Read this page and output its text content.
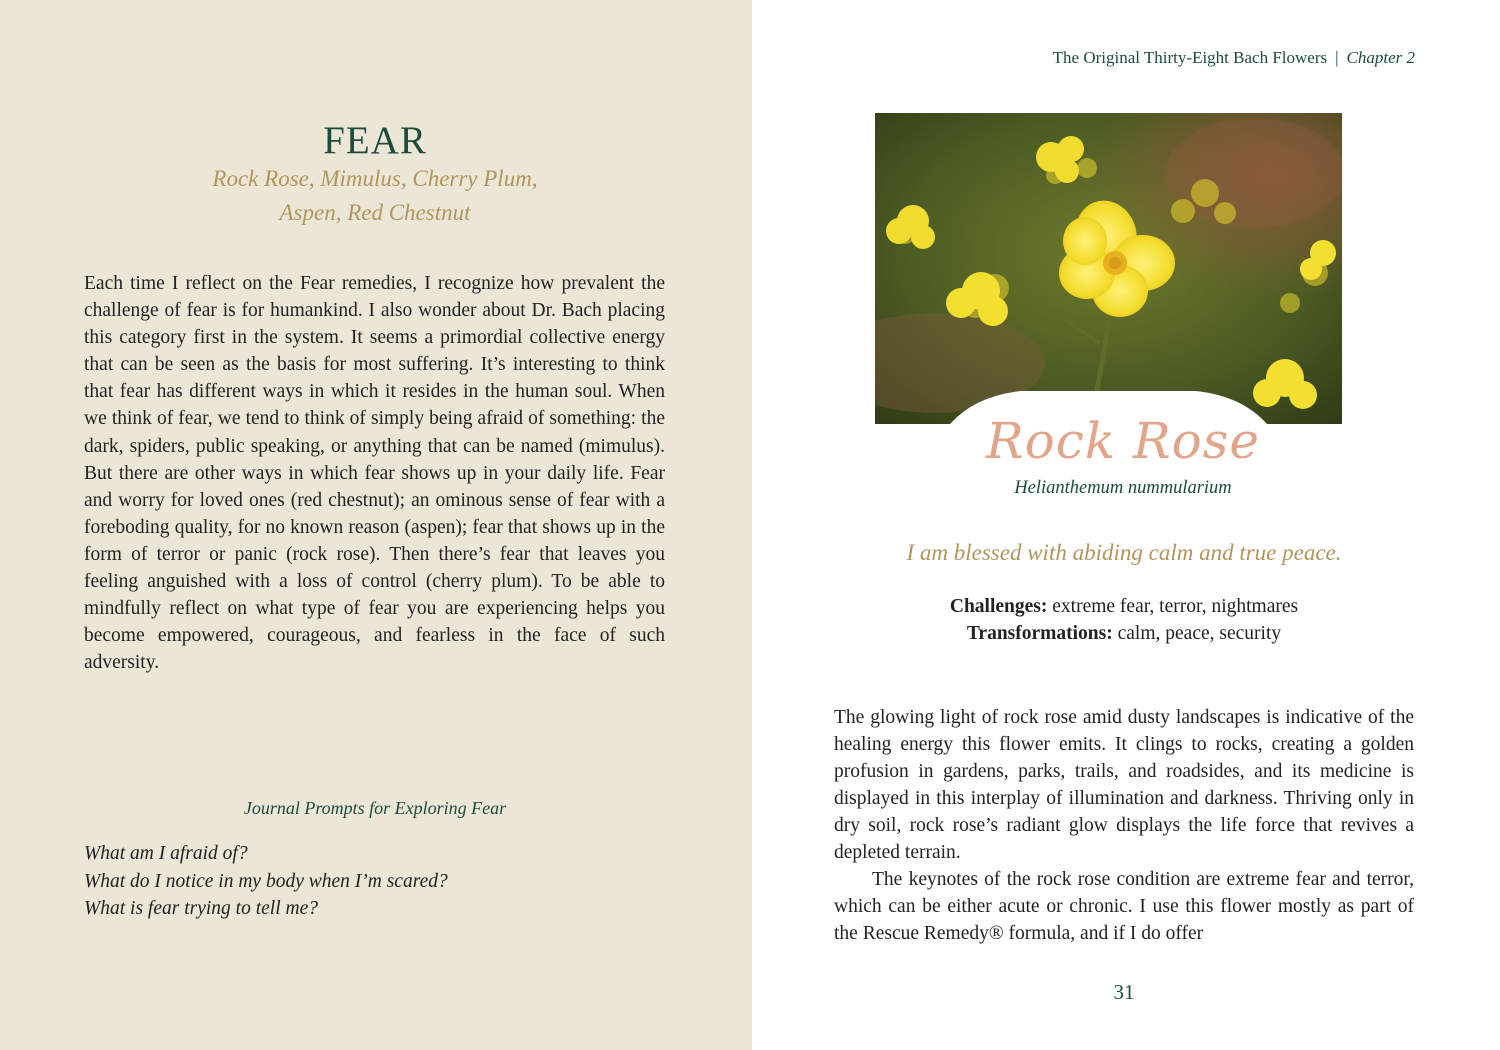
FEAR
Rock Rose, Mimulus, Cherry Plum,
Aspen, Red Chestnut

Each time I reflect on the Fear remedies, I recognize how prevalent the challenge of fear is for humankind. I also wonder about Dr. Bach placing this category first in the system. It seems a primordial collective energy that can be seen as the basis for most suffering. It’s interesting to think that fear has different ways in which it resides in the human soul. When we think of fear, we tend to think of simply being afraid of something: the dark, spiders, public speaking, or anything that can be named (mimulus). But there are other ways in which fear shows up in your daily life. Fear and worry for loved ones (red chestnut); an ominous sense of fear with a foreboding quality, for no known reason (aspen); fear that shows up in the form of terror or panic (rock rose). Then there’s fear that leaves you feeling anguished with a loss of control (cherry plum). To be able to mindfully reflect on what type of fear you are experiencing helps you become empowered, courageous, and fearless in the face of such adversity.

Journal Prompts for Exploring Fear
What am I afraid of?
What do I notice in my body when I’m scared?
What is fear trying to tell me?
The Original Thirty-Eight Bach Flowers | Chapter 2
Rock Rose
Helianthemum nummularium
I am blessed with abiding calm and true peace.
Challenges: extreme fear, terror, nightmares
Transformations: calm, peace, security

The glowing light of rock rose amid dusty landscapes is indicative of the healing energy this flower emits. It clings to rocks, creating a golden profusion in gardens, parks, trails, and roadsides, and its medicine is displayed in this interplay of illumination and darkness. Thriving only in dry soil, rock rose’s radiant glow displays the life force that revives a depleted terrain.

The keynotes of the rock rose condition are extreme fear and terror, which can be either acute or chronic. I use this flower mostly as part of the Rescue Remedy® formula, and if I do offer

31
